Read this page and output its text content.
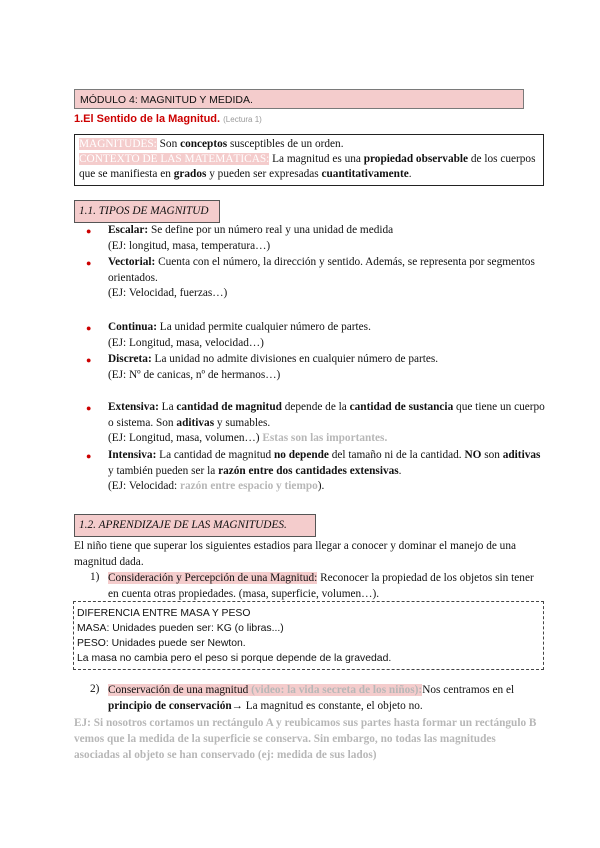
MÓDULO 4: MAGNITUD Y MEDIDA.
1.El Sentido de la Magnitud. (Lectura 1)
MAGNITUDES: Son conceptos susceptibles de un orden.
CONTEXTO DE LAS MATEMÁTICAS: La magnitud es una propiedad observable de los cuerpos que se manifiesta en grados y pueden ser expresadas cuantitativamente.
1.1. TIPOS DE MAGNITUD
● Escalar: Se define por un número real y una unidad de medida
(EJ: longitud, masa, temperatura…)
● Vectorial: Cuenta con el número, la dirección y sentido. Además, se representa por segmentos orientados.
(EJ: Velocidad, fuerzas…)
● Continua: La unidad permite cualquier número de partes.
(EJ: Longitud, masa, velocidad…)
● Discreta: La unidad no admite divisiones en cualquier número de partes.
(EJ: Nº de canicas, nº de hermanos…)
● Extensiva: La cantidad de magnitud depende de la cantidad de sustancia que tiene un cuerpo o sistema. Son aditivas y sumables.
(EJ: Longitud, masa, volumen…) Estas son las importantes.
● Intensiva: La cantidad de magnitud no depende del tamaño ni de la cantidad. NO son aditivas y también pueden ser la razón entre dos cantidades extensivas.
(EJ: Velocidad: razón entre espacio y tiempo).
1.2. APRENDIZAJE DE LAS MAGNITUDES.
El niño tiene que superar los siguientes estadios para llegar a conocer y dominar el manejo de una magnitud dada.
1) Consideración y Percepción de una Magnitud: Reconocer la propiedad de los objetos sin tener en cuenta otras propiedades. (masa, superficie, volumen…).
DIFERENCIA ENTRE MASA Y PESO
MASA: Unidades pueden ser: KG (o libras...)
PESO: Unidades puede ser Newton.
La masa no cambia pero el peso si porque depende de la gravedad.
2) Conservación de una magnitud (video: la vida secreta de los niños):Nos centramos en el principio de conservación→ La magnitud es constante, el objeto no.
EJ: Si nosotros cortamos un rectángulo A y reubicamos sus partes hasta formar un rectángulo B vemos que la medida de la superficie se conserva. Sin embargo, no todas las magnitudes asociadas al objeto se han conservado (ej: medida de sus lados)
